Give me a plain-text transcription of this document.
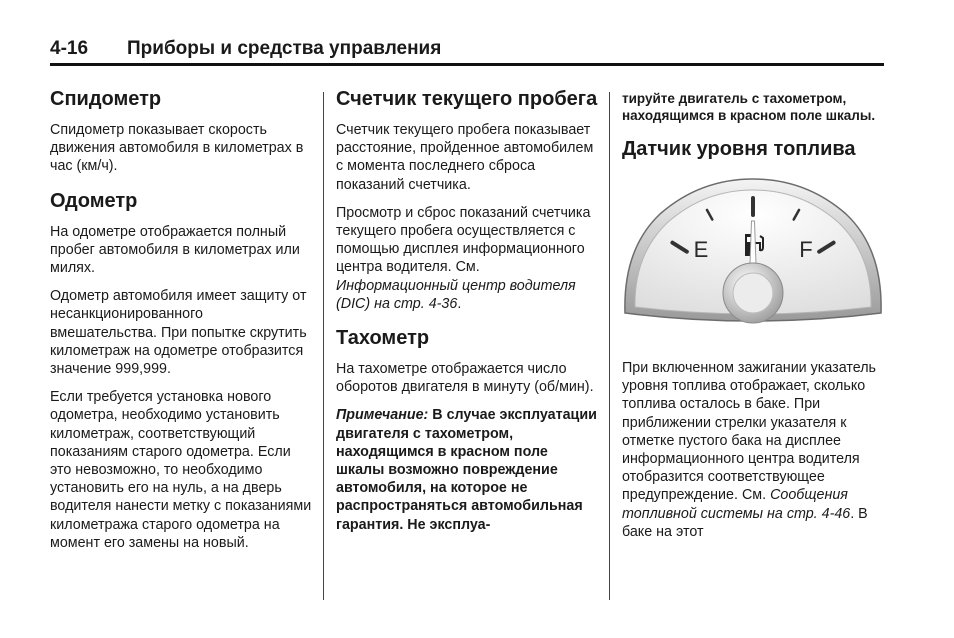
4-16 Приборы и средства управления
Спидометр

Спидометр показывает скорость движения автомобиля в километрах в час (км/ч).

Одометр

На одометре отображается полный пробег автомобиля в километрах или милях.

Одометр автомобиля имеет защиту от несанкционированного вмешательства. При попытке скрутить километраж на одометре отобразится значение 999,999.

Если требуется установка нового одометра, необходимо установить километраж, соответствующий показаниям старого одометра. Если это невозможно, то необходимо установить его на нуль, а на дверь водителя нанести метку с показаниями километража старого одометра на момент его замены на новый.

Счетчик текущего пробега

Счетчик текущего пробега показывает расстояние, пройденное автомобилем с момента последнего сброса показаний счетчика.

Просмотр и сброс показаний счетчика текущего пробега осуществляется с помощью дисплея информационного центра водителя. См. Информационный центр водителя (DIC) на стр. 4-36.

Тахометр

На тахометре отображается число оборотов двигателя в минуту (об/мин).

Примечание: В случае эксплуатации двигателя с тахометром, находящимся в красном поле шкалы возможно повреждение автомобиля, на которое не распространяться автомобильная гарантия. Не эксплуа-

тируйте двигатель с тахометром, находящимся в красном поле шкалы.

Датчик уровня топлива
E	F

При включенном зажигании указатель уровня топлива отображает, сколько топлива осталось в баке. При приближении стрелки указателя к отметке пустого бака на дисплее информационного центра водителя отобразится соответствующее предупреждение. См. Сообщения топливной системы на стр. 4-46. В баке на этот
